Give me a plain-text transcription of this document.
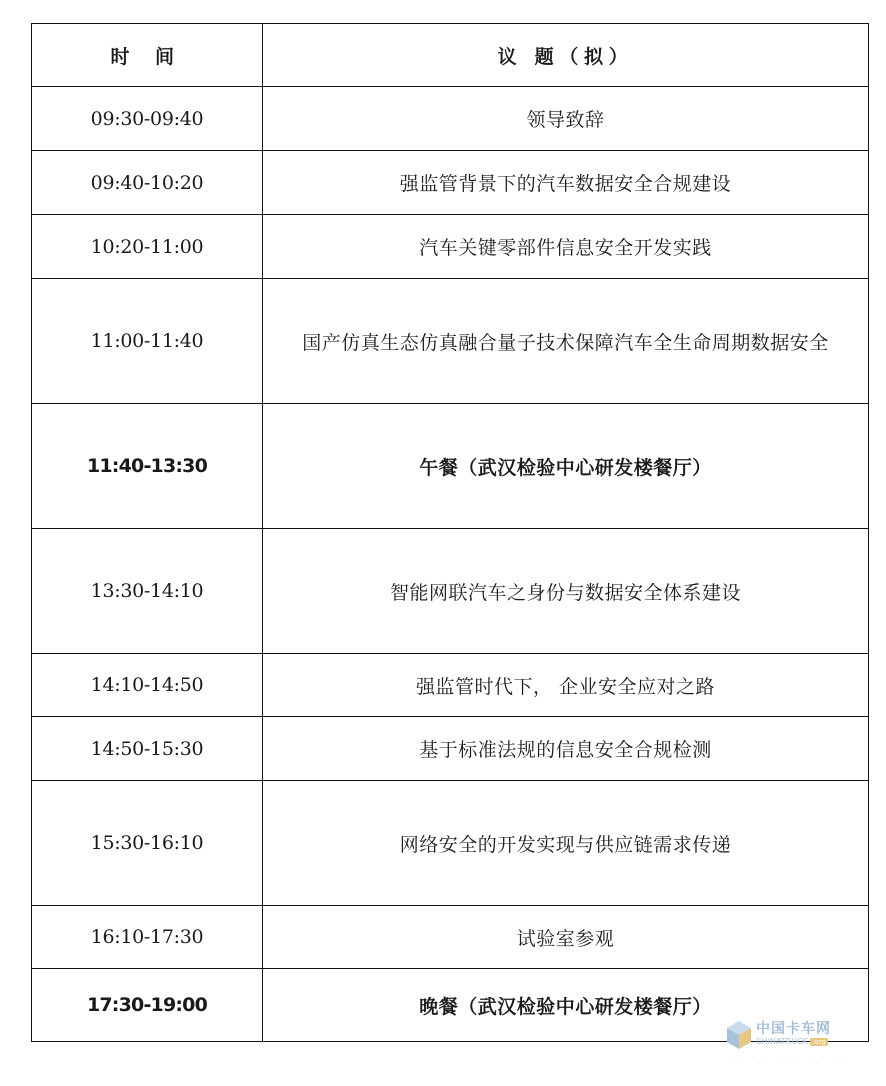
时 间	议 题（拟）
09:30-09:40	领导致辞
09:40-10:20	强监管背景下的汽车数据安全合规建设
10:20-11:00	汽车关键零部件信息安全开发实践
11:00-11:40	国产仿真生态仿真融合量子技术保障汽车全生命周期数据安全
11:40-13:30	午餐（武汉检验中心研发楼餐厅）
13:30-14:10	智能网联汽车之身份与数据安全体系建设
14:10-14:50	强监管时代下， 企业安全应对之路
14:50-15:30	基于标准法规的信息安全合规检测
15:30-16:10	网络安全的开发实现与供应链需求传递
16:10-17:30	试验室参观
17:30-19:00	晚餐（武汉检验中心研发楼餐厅）
中国卡车网
CHINATRUCK .org
· · · · · · · · · · ·
